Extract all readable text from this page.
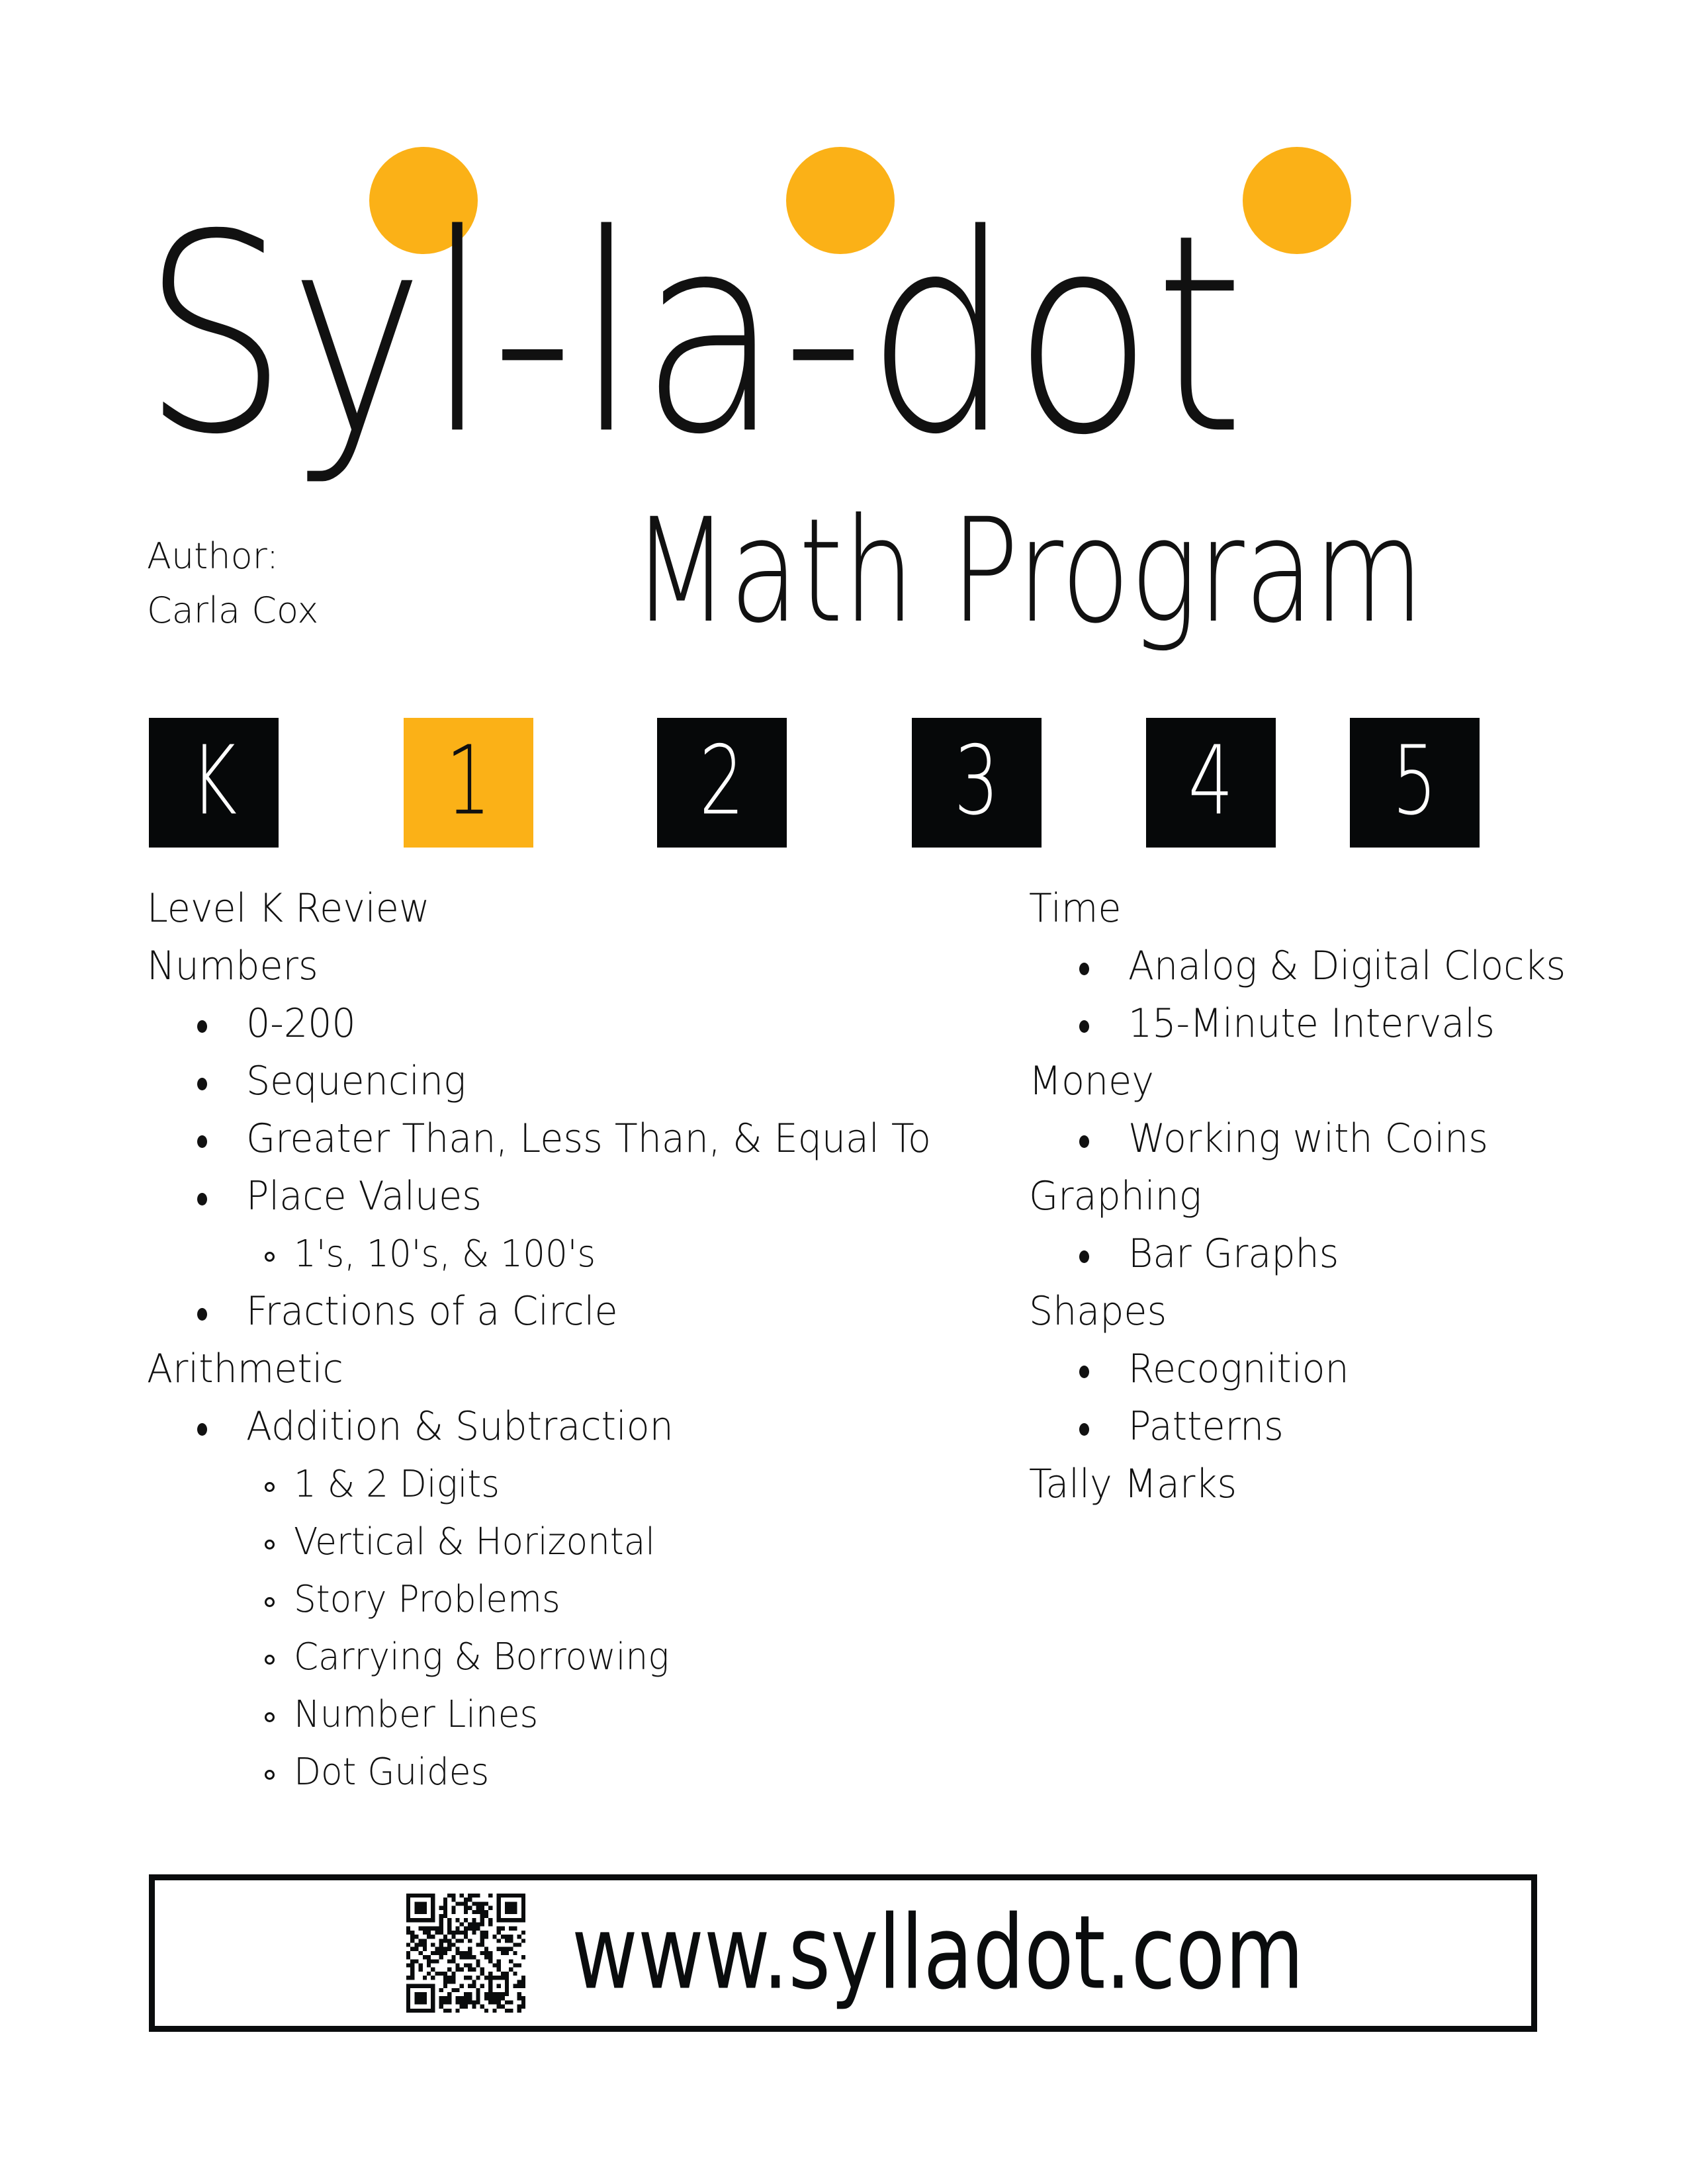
Syl-la-dot
Math Program
Author:
Carla Cox
K	1	2	3 4 5
Level K Review
Numbers
0-200
Sequencing
Greater Than, Less Than, & Equal To
Place Values
1's, 10's, & 100's
Fractions of a Circle
Arithmetic
Addition & Subtraction
1 & 2 Digits
Vertical & Horizontal
Story Problems
Carrying & Borrowing
Number Lines
Dot Guides
Time
Analog & Digital Clocks
15-Minute Intervals
Money
Working with Coins
Graphing
Bar Graphs
Shapes
Recognition
Patterns
Tally Marks
www.sylladot.com
